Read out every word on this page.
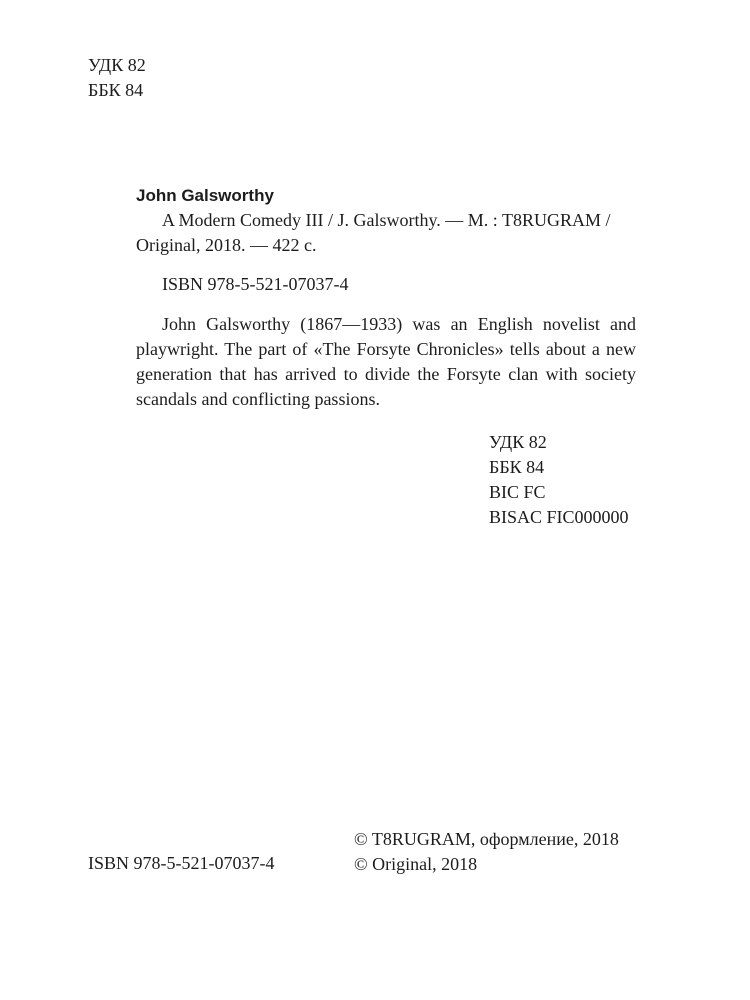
УДК 82
ББК 84
John Galsworthy
A Modern Comedy III / J. Galsworthy. — M. : T8RUGRAM /
Original, 2018. — 422 c.
ISBN 978-5-521-07037-4
John Galsworthy (1867—1933) was an English novelist and playwright. The part of «The Forsyte Chronicles» tells about a new generation that has arrived to divide the Forsyte clan with society scandals and conflicting passions.
УДК 82
ББК 84
BIC FC
BISAC FIC000000
ISBN 978-5-521-07037-4
© T8RUGRAM, оформление, 2018
© Original, 2018
